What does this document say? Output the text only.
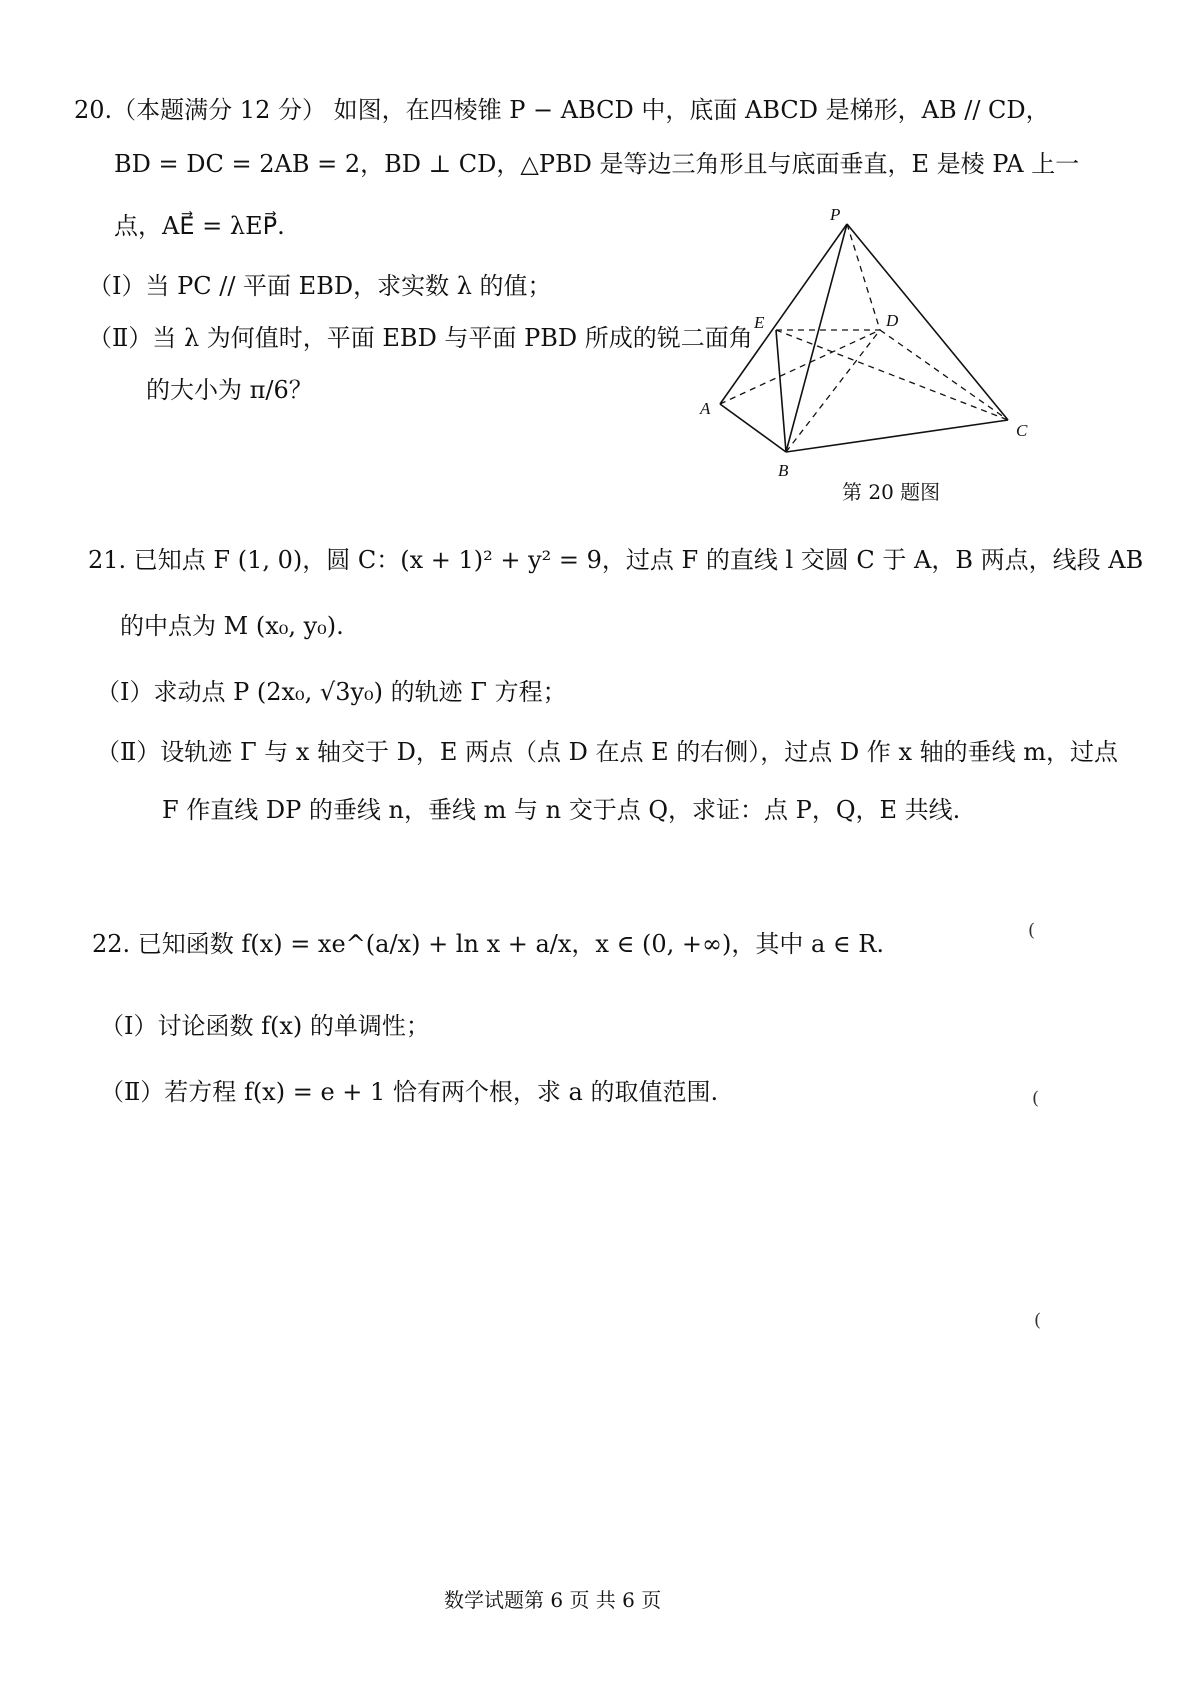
20.（本题满分 12 分） 如图，在四棱锥 P − ABCD 中，底面 ABCD 是梯形，AB // CD，
BD = DC = 2AB = 2，BD ⊥ CD，△PBD 是等边三角形且与底面垂直，E 是棱 PA 上一
点，AE⃗ = λEP⃗.
（Ⅰ）当 PC // 平面 EBD，求实数 λ 的值；
（Ⅱ）当 λ 为何值时，平面 EBD 与平面 PBD 所成的锐二面角
的大小为 π/6？
P
E	D
A
B
C
第 20 题图
21. 已知点 F (1, 0)，圆 C：(x + 1)² + y² = 9，过点 F 的直线 l 交圆 C 于 A，B 两点，线段 AB
的中点为 M (x₀, y₀).
（Ⅰ）求动点 P (2x₀, √3y₀) 的轨迹 Γ 方程；
（Ⅱ）设轨迹 Γ 与 x 轴交于 D，E 两点（点 D 在点 E 的右侧），过点 D 作 x 轴的垂线 m，过点
F 作直线 DP 的垂线 n，垂线 m 与 n 交于点 Q，求证：点 P，Q，E 共线.
22. 已知函数 f(x) = xe^(a/x) + ln x + a/x，x ∈ (0, +∞)，其中 a ∈ R.
（Ⅰ）讨论函数 f(x) 的单调性；
（Ⅱ）若方程 f(x) = e + 1 恰有两个根，求 a 的取值范围.
(
(
(
数学试题第 6 页 共 6 页
